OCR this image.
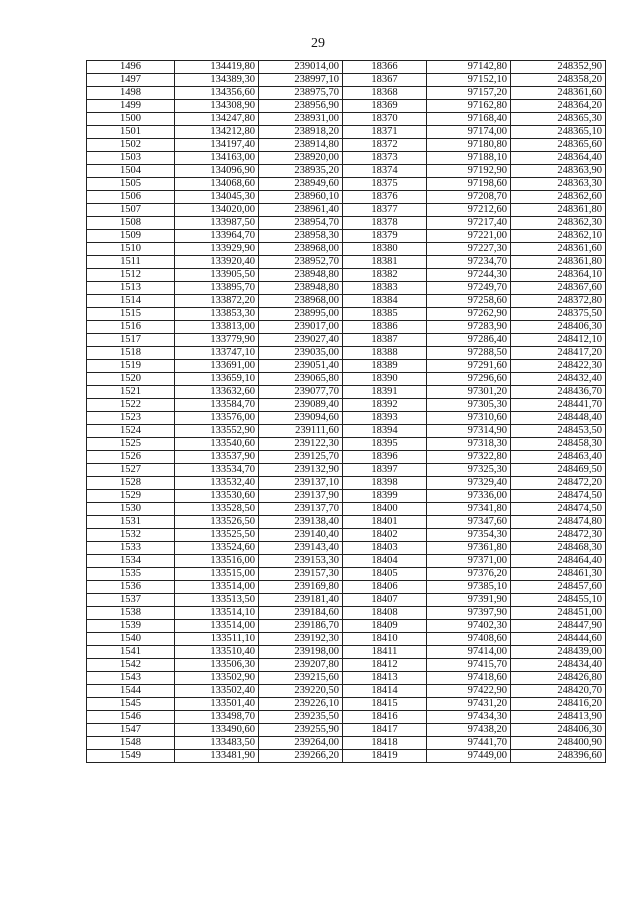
29
1496	134419,80	239014,00	18366	97142,80	248352,90
1497	134389,30	238997,10	18367	97152,10	248358,20
1498	134356,60	238975,70	18368	97157,20	248361,60
1499	134308,90	238956,90	18369	97162,80	248364,20
1500	134247,80	238931,00	18370	97168,40	248365,30
1501	134212,80	238918,20	18371	97174,00	248365,10
1502	134197,40	238914,80	18372	97180,80	248365,60
1503	134163,00	238920,00	18373	97188,10	248364,40
1504	134096,90	238935,20	18374	97192,90	248363,90
1505	134068,60	238949,60	18375	97198,60	248363,30
1506	134045,30	238960,10	18376	97208,70	248362,60
1507	134020,00	238961,40	18377	97212,60	248361,80
1508	133987,50	238954,70	18378	97217,40	248362,30
1509	133964,70	238958,30	18379	97221,00	248362,10
1510	133929,90	238968,00	18380	97227,30	248361,60
1511	133920,40	238952,70	18381	97234,70	248361,80
1512	133905,50	238948,80	18382	97244,30	248364,10
1513	133895,70	238948,80	18383	97249,70	248367,60
1514	133872,20	238968,00	18384	97258,60	248372,80
1515	133853,30	238995,00	18385	97262,90	248375,50
1516	133813,00	239017,00	18386	97283,90	248406,30
1517	133779,90	239027,40	18387	97286,40	248412,10
1518	133747,10	239035,00	18388	97288,50	248417,20
1519	133691,00	239051,40	18389	97291,60	248422,30
1520	133659,10	239065,80	18390	97296,60	248432,40
1521	133632,60	239077,70	18391	97301,20	248436,70
1522	133584,70	239089,40	18392	97305,30	248441,70
1523	133576,00	239094,60	18393	97310,60	248448,40
1524	133552,90	239111,60	18394	97314,90	248453,50
1525	133540,60	239122,30	18395	97318,30	248458,30
1526	133537,90	239125,70	18396	97322,80	248463,40
1527	133534,70	239132,90	18397	97325,30	248469,50
1528	133532,40	239137,10	18398	97329,40	248472,20
1529	133530,60	239137,90	18399	97336,00	248474,50
1530	133528,50	239137,70	18400	97341,80	248474,50
1531	133526,50	239138,40	18401	97347,60	248474,80
1532	133525,50	239140,40	18402	97354,30	248472,30
1533	133524,60	239143,40	18403	97361,80	248468,30
1534	133516,00	239153,30	18404	97371,00	248464,40
1535	133515,00	239157,30	18405	97376,20	248461,30
1536	133514,00	239169,80	18406	97385,10	248457,60
1537	133513,50	239181,40	18407	97391,90	248455,10
1538	133514,10	239184,60	18408	97397,90	248451,00
1539	133514,00	239186,70	18409	97402,30	248447,90
1540	133511,10	239192,30	18410	97408,60	248444,60
1541	133510,40	239198,00	18411	97414,00	248439,00
1542	133506,30	239207,80	18412	97415,70	248434,40
1543	133502,90	239215,60	18413	97418,60	248426,80
1544	133502,40	239220,50	18414	97422,90	248420,70
1545	133501,40	239226,10	18415	97431,20	248416,20
1546	133498,70	239235,50	18416	97434,30	248413,90
1547	133490,60	239255,90	18417	97438,20	248406,30
1548	133483,50	239264,00	18418	97441,70	248400,90
1549	133481,90	239266,20	18419	97449,00	248396,60
